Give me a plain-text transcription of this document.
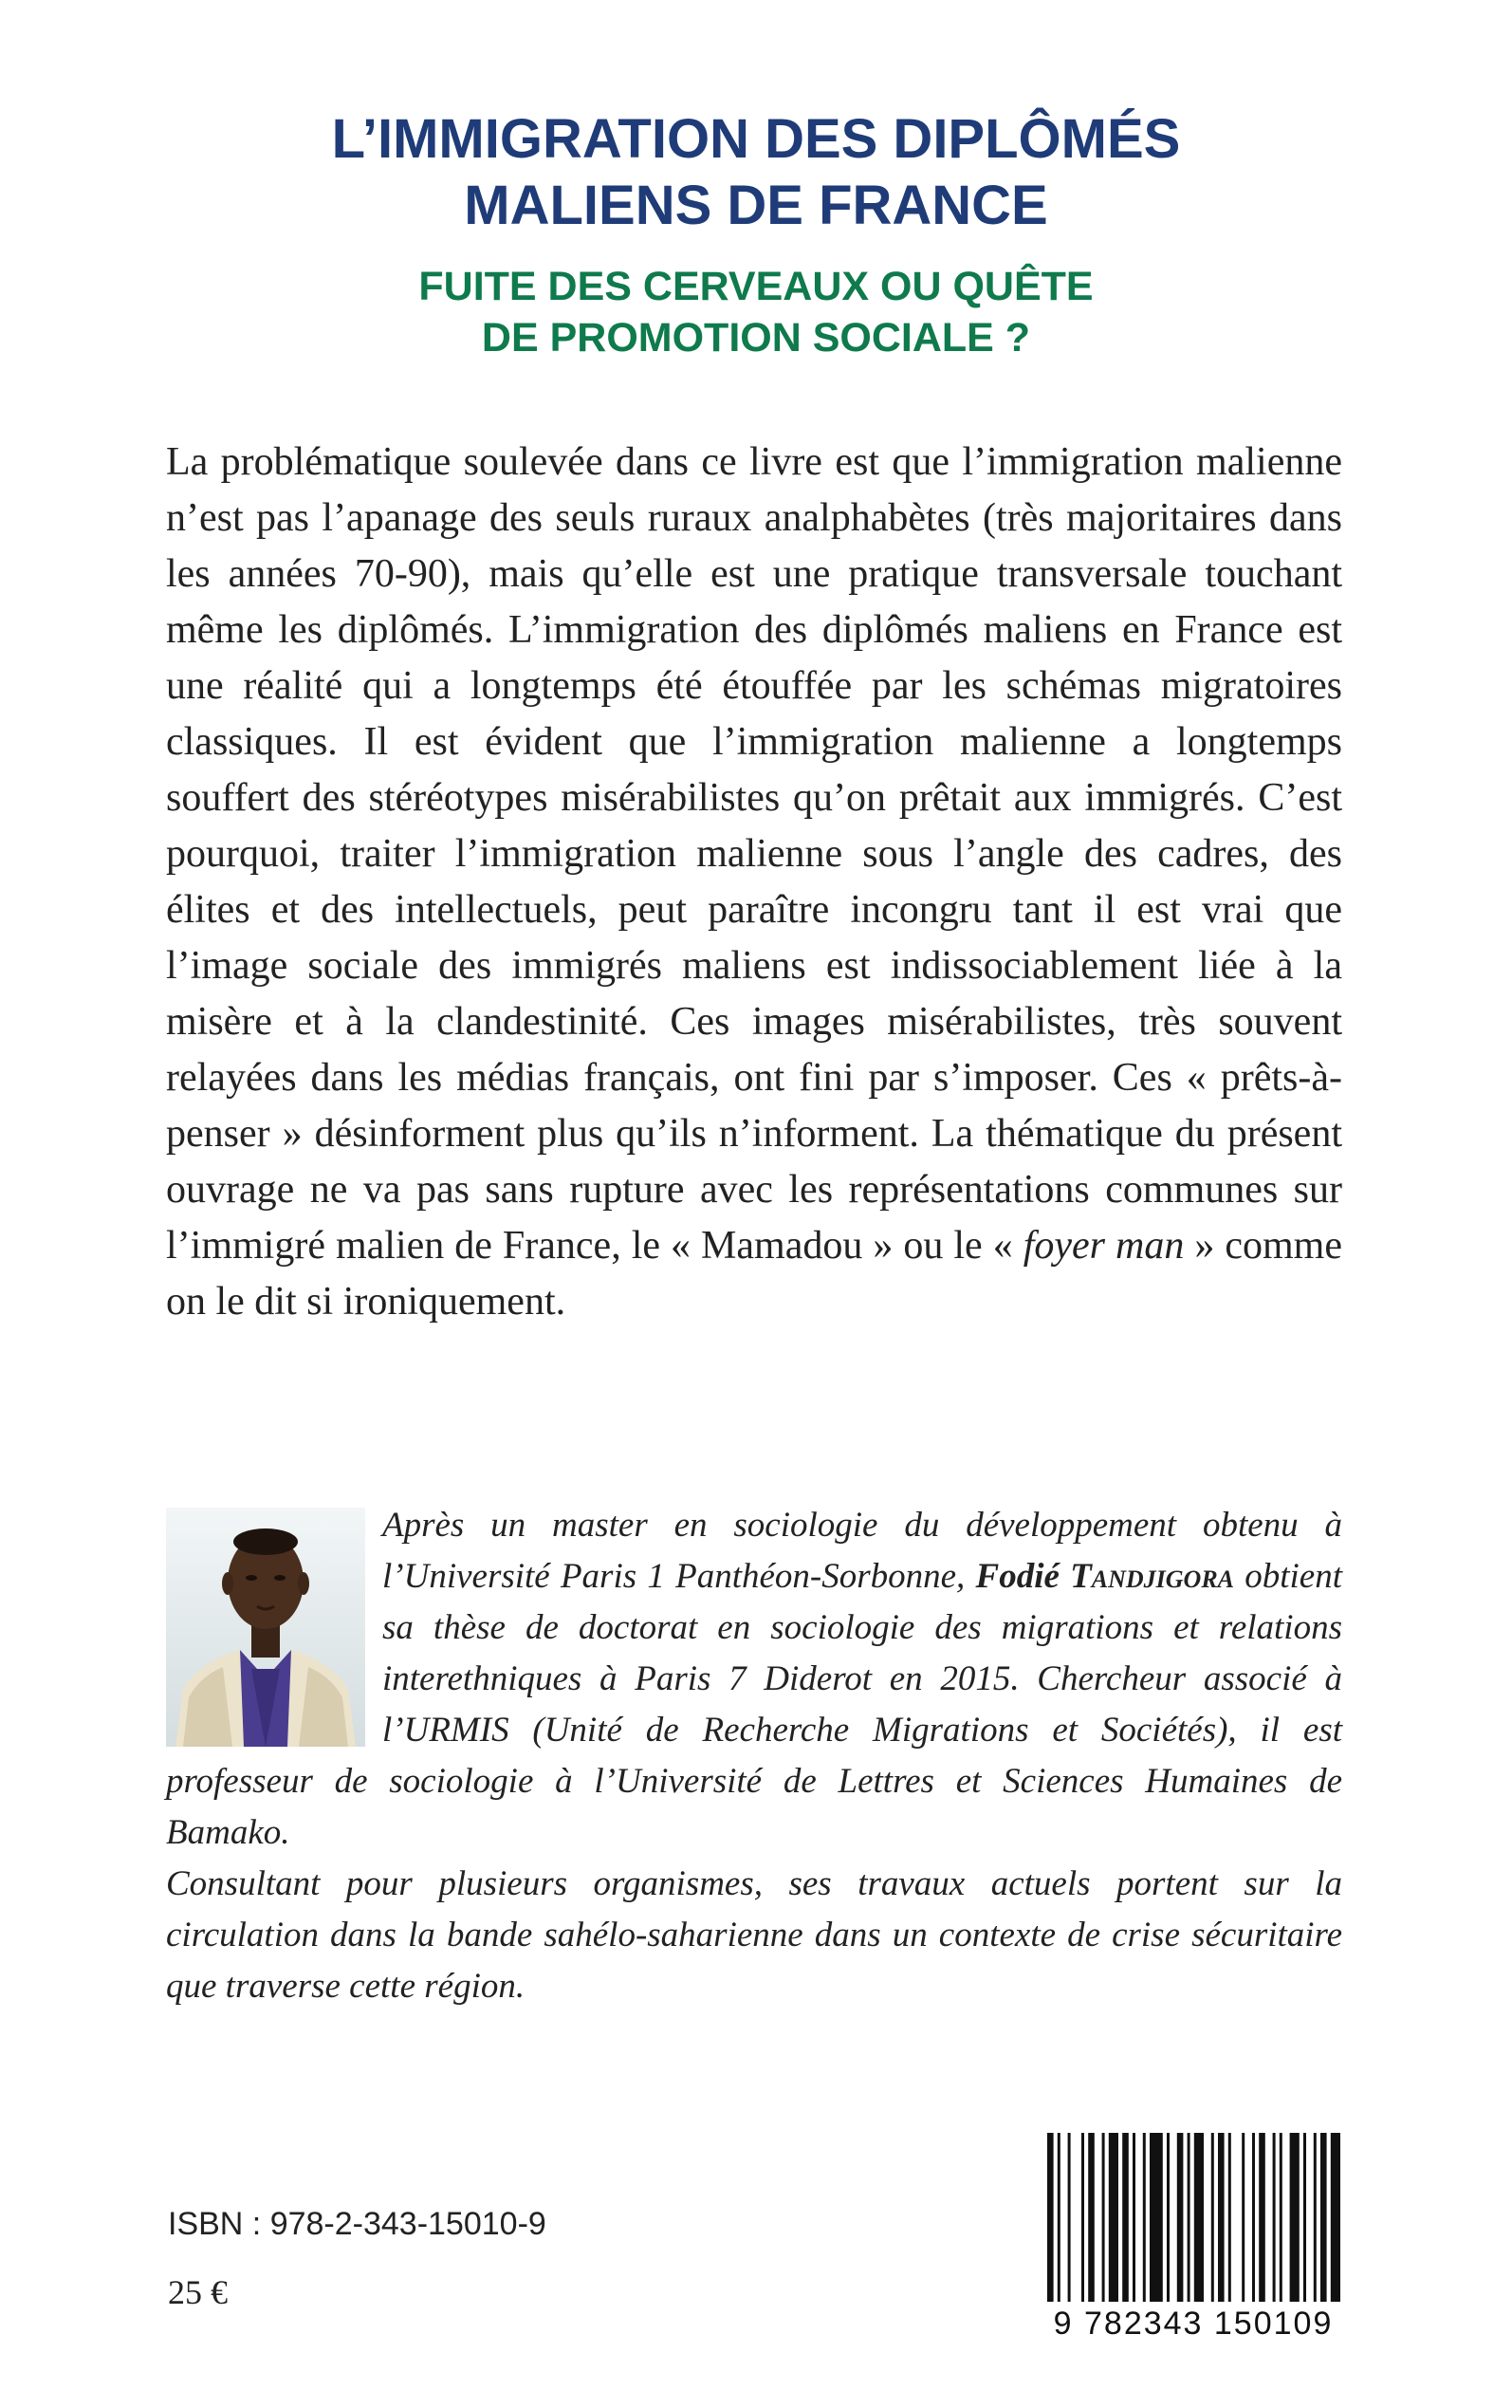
L’IMMIGRATION DES DIPLÔMÉS
MALIENS DE FRANCE
FUITE DES CERVEAUX OU QUÊTE
DE PROMOTION SOCIALE ?

La problématique soulevée dans ce livre est que l’immigration malienne n’est pas l’apanage des seuls ruraux analphabètes (très majoritaires dans les années 70-90), mais qu’elle est une pratique transversale touchant même les diplômés. L’immigration des diplômés maliens en France est une réalité qui a longtemps été étouffée par les schémas migratoires classiques. Il est évident que l’immigration malienne a longtemps souffert des stéréotypes misérabilistes qu’on prêtait aux immigrés. C’est pourquoi, traiter l’immigration malienne sous l’angle des cadres, des élites et des intellectuels, peut paraître incongru tant il est vrai que l’image sociale des immigrés maliens est indissociablement liée à la misère et à la clandestinité. Ces images misérabilistes, très souvent relayées dans les médias français, ont fini par s’imposer. Ces « prêts-à-penser » désinforment plus qu’ils n’informent. La thématique du présent ouvrage ne va pas sans rupture avec les représentations communes sur l’immigré malien de France, le « Mamadou » ou le « foyer man » comme on le dit si ironiquement.

Après un master en sociologie du développement obtenu à l’Université Paris 1 Panthéon-Sorbonne, Fodié Tandjigora obtient sa thèse de doctorat en sociologie des migrations et relations interethniques à Paris 7 Diderot en 2015. Chercheur associé à l’URMIS (Unité de Recherche Migrations et Sociétés), il est professeur de sociologie à l’Université de Lettres et Sciences Humaines de Bamako.

Consultant pour plusieurs organismes, ses travaux actuels portent sur la circulation dans la bande sahélo-saharienne dans un contexte de crise sécuritaire que traverse cette région.

ISBN : 978-2-343-15010-9
25 €
9 782343 150109
